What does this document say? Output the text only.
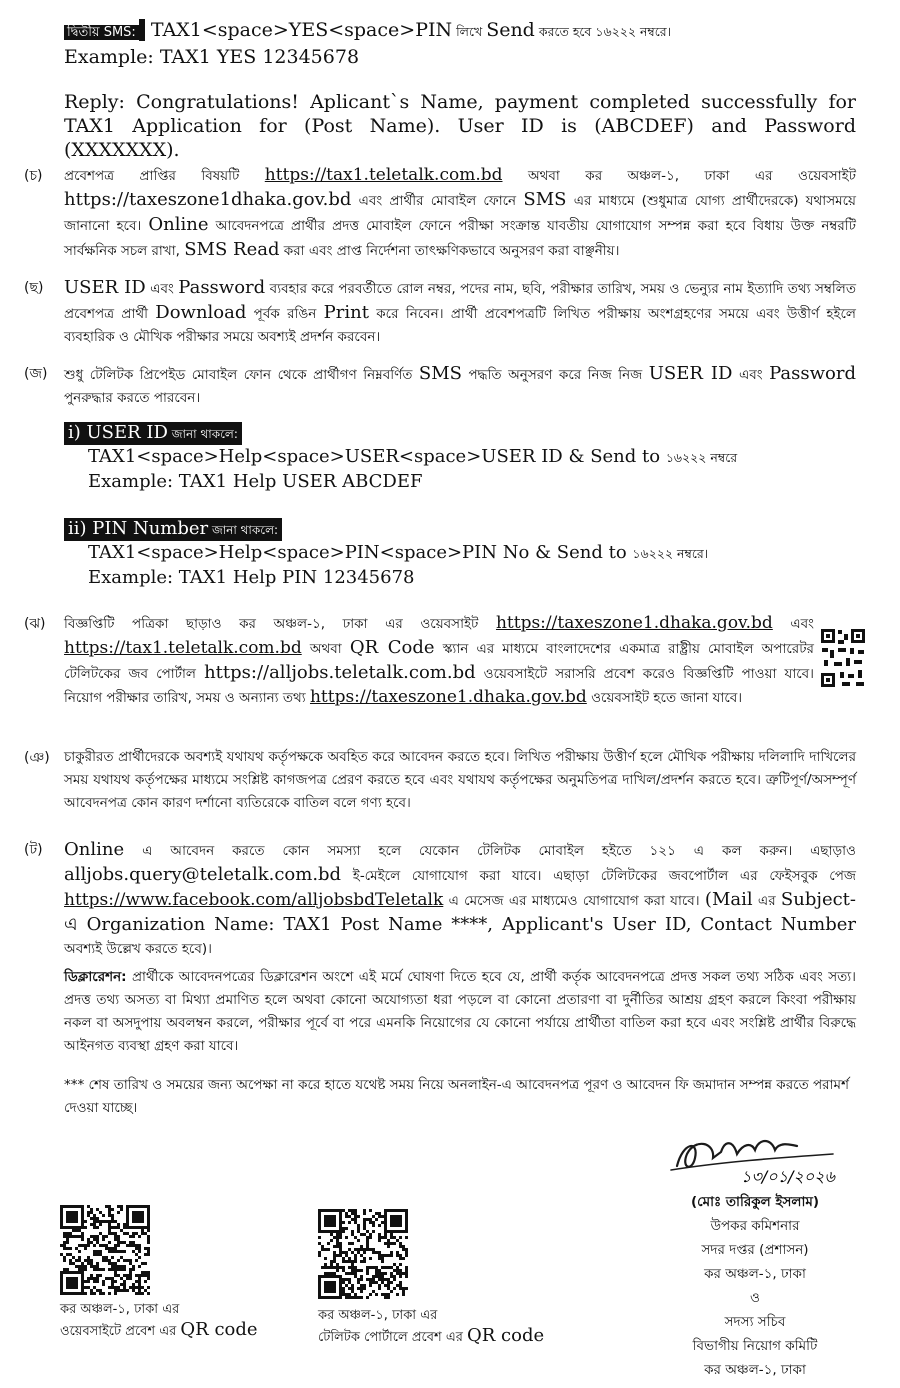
দ্বিতীয় SMS: TAX1<space>YES<space>PIN লিখে Send করতে হবে ১৬২২২ নম্বরে।
Example: TAX1 YES 12345678
Reply: Congratulations! Aplicant`s Name, payment completed successfully for TAX1 Application for (Post Name). User ID is (ABCDEF) and Password (XXXXXXX).
(চ)	প্রবেশপত্র প্রাপ্তির বিষয়টি https://tax1.teletalk.com.bd অথবা কর অঞ্চল-১, ঢাকা এর ওয়েবসাইট https://taxeszone1dhaka.gov.bd এবং প্রার্থীর মোবাইল ফোনে SMS এর মাধ্যমে (শুধুমাত্র যোগ্য প্রার্থীদেরকে) যথাসময়ে জানানো হবে। Online আবেদনপত্রে প্রার্থীর প্রদত্ত মোবাইল ফোনে পরীক্ষা সংক্রান্ত যাবতীয় যোগাযোগ সম্পন্ন করা হবে বিধায় উক্ত নম্বরটি সার্বক্ষনিক সচল রাখা, SMS Read করা এবং প্রাপ্ত নির্দেশনা তাৎক্ষণিকভাবে অনুসরণ করা বাঞ্ছনীয়।
(ছ)	USER ID এবং Password ব্যবহার করে পরবর্তীতে রোল নম্বর, পদের নাম, ছবি, পরীক্ষার তারিখ, সময় ও ভেন্যুর নাম ইত্যাদি তথ্য সম্বলিত প্রবেশপত্র প্রার্থী Download পূর্বক রঙিন Print করে নিবেন। প্রার্থী প্রবেশপত্রটি লিখিত পরীক্ষায় অংশগ্রহণের সময়ে এবং উত্তীর্ণ হইলে ব্যবহারিক ও মৌখিক পরীক্ষার সময়ে অবশ্যই প্রদর্শন করবেন।
(জ)	শুধু টেলিটক প্রিপেইড মোবাইল ফোন থেকে প্রার্থীগণ নিম্নবর্ণিত SMS পদ্ধতি অনুসরণ করে নিজ নিজ USER ID এবং Password পুনরুদ্ধার করতে পারবেন।
i) USER ID জানা থাকলে:
TAX1<space>Help<space>USER<space>USER ID & Send to ১৬২২২ নম্বরে
Example: TAX1 Help USER ABCDEF
ii) PIN Number জানা থাকলে:
TAX1<space>Help<space>PIN<space>PIN No & Send to ১৬২২২ নম্বরে।
Example: TAX1 Help PIN 12345678
(ঝ)	বিজ্ঞপ্তিটি পত্রিকা ছাড়াও কর অঞ্চল-১, ঢাকা এর ওয়েবসাইট https://taxeszone1.dhaka.gov.bd এবং https://tax1.teletalk.com.bd অথবা QR Code স্ক্যান এর মাধ্যমে বাংলাদেশের একমাত্র রাষ্ট্রীয় মোবাইল অপারেটর টেলিটকের জব পোর্টাল https://alljobs.teletalk.com.bd ওয়েবসাইটে সরাসরি প্রবেশ করেও বিজ্ঞপ্তিটি পাওয়া যাবে। নিয়োগ পরীক্ষার তারিখ, সময় ও অন্যান্য তথ্য https://taxeszone1.dhaka.gov.bd ওয়েবসাইট হতে জানা যাবে।
(ঞ)	চাকুরীরত প্রার্থীদেরকে অবশ্যই যথাযথ কর্তৃপক্ষকে অবহিত করে আবেদন করতে হবে। লিখিত পরীক্ষায় উত্তীর্ণ হলে মৌখিক পরীক্ষায় দলিলাদি দাখিলের সময় যথাযথ কর্তৃপক্ষের মাধ্যমে সংশ্লিষ্ট কাগজপত্র প্রেরণ করতে হবে এবং যথাযথ কর্তৃপক্ষের অনুমতিপত্র দাখিল/প্রদর্শন করতে হবে। ত্রুটিপূর্ণ/অসম্পূর্ণ আবেদনপত্র কোন কারণ দর্শানো ব্যতিরেকে বাতিল বলে গণ্য হবে।
(ট)	Online এ আবেদন করতে কোন সমস্যা হলে যেকোন টেলিটক মোবাইল হইতে ১২১ এ কল করুন। এছাড়াও alljobs.query@teletalk.com.bd ই-মেইলে যোগাযোগ করা যাবে। এছাড়া টেলিটকের জবপোর্টাল এর ফেইসবুক পেজ https://www.facebook.com/alljobsbdTeletalk এ মেসেজ এর মাধ্যমেও যোগাযোগ করা যাবে। (Mail এর Subject-এ Organization Name: TAX1 Post Name ****, Applicant's User ID, Contact Number অবশ্যই উল্লেখ করতে হবে)।
ডিক্লারেশন: প্রার্থীকে আবেদনপত্রের ডিক্লারেশন অংশে এই মর্মে ঘোষণা দিতে হবে যে, প্রার্থী কর্তৃক আবেদনপত্রে প্রদত্ত সকল তথ্য সঠিক এবং সত্য। প্রদত্ত তথ্য অসত্য বা মিথ্যা প্রমাণিত হলে অথবা কোনো অযোগ্যতা ধরা পড়লে বা কোনো প্রতারণা বা দুর্নীতির আশ্রয় গ্রহণ করলে কিংবা পরীক্ষায় নকল বা অসদুপায় অবলম্বন করলে, পরীক্ষার পূর্বে বা পরে এমনকি নিয়োগের যে কোনো পর্যায়ে প্রার্থীতা বাতিল করা হবে এবং সংশ্লিষ্ট প্রার্থীর বিরুদ্ধে আইনগত ব্যবস্থা গ্রহণ করা যাবে।
*** শেষ তারিখ ও সময়ের জন্য অপেক্ষা না করে হাতে যথেষ্ট সময় নিয়ে অনলাইন-এ আবেদনপত্র পূরণ ও আবেদন ফি জমাদান সম্পন্ন করতে পরামর্শ দেওয়া যাচ্ছে।
১৩/০১/২০২৬
(মোঃ তারিকুল ইসলাম)
উপকর কমিশনার
সদর দপ্তর (প্রশাসন)
কর অঞ্চল-১, ঢাকা
ও
সদস্য সচিব
বিভাগীয় নিয়োগ কমিটি
কর অঞ্চল-১, ঢাকা
কর অঞ্চল-১, ঢাকা এর
ওয়েবসাইটে প্রবেশ এর QR code
কর অঞ্চল-১, ঢাকা এর
টেলিটক পোর্টালে প্রবেশ এর QR code
